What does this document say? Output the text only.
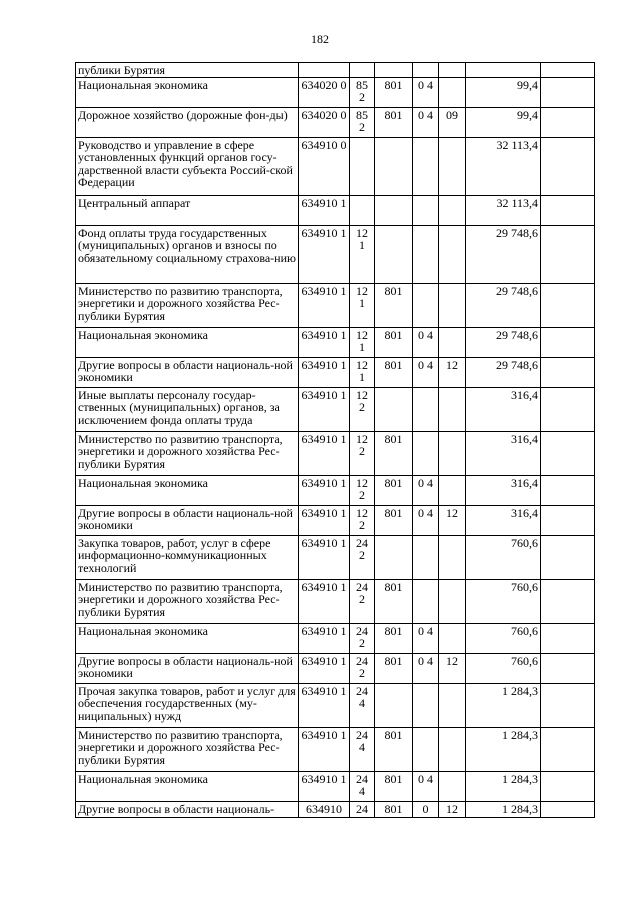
182
публики Бурятия							
Национальная экономика	634020 0	85 2	801	0 4		99,4	
Дорожное хозяйство (дорожные фон-ды)	634020 0	85 2	801	0 4	09	99,4	
Руководство и управление в сфере установленных функций органов госу-дарственной власти субъекта Россий-ской Федерации	634910 0					32 113,4	
Центральный аппарат	634910 1					32 113,4	
Фонд оплаты труда государственных (муниципальных) органов и взносы по обязательному социальному страхова-нию	634910 1	12 1				29 748,6	
Министерство по развитию транспорта, энергетики и дорожного хозяйства Рес-публики Бурятия	634910 1	12 1	801			29 748,6	
Национальная экономика	634910 1	12 1	801	0 4		29 748,6	
Другие вопросы в области националь-ной экономики	634910 1	12 1	801	0 4	12	29 748,6	
Иные выплаты персоналу государ-ственных (муниципальных) органов, за исключением фонда оплаты труда	634910 1	12 2				316,4	
Министерство по развитию транспорта, энергетики и дорожного хозяйства Рес-публики Бурятия	634910 1	12 2	801			316,4	
Национальная экономика	634910 1	12 2	801	0 4		316,4	
Другие вопросы в области националь-ной экономики	634910 1	12 2	801	0 4	12	316,4	
Закупка товаров, работ, услуг в сфере информационно-коммуникационных технологий	634910 1	24 2				760,6	
Министерство по развитию транспорта, энергетики и дорожного хозяйства Рес-публики Бурятия	634910 1	24 2	801			760,6	
Национальная экономика	634910 1	24 2	801	0 4		760,6	
Другие вопросы в области националь-ной экономики	634910 1	24 2	801	0 4	12	760,6	
Прочая закупка товаров, работ и услуг для обеспечения государственных (му-ниципальных) нужд	634910 1	24 4				1 284,3	
Министерство по развитию транспорта, энергетики и дорожного хозяйства Рес-публики Бурятия	634910 1	24 4	801			1 284,3	
Национальная экономика	634910 1	24 4	801	0 4		1 284,3	
Другие вопросы в области националь-	634910	24	801	0	12	1 284,3	
